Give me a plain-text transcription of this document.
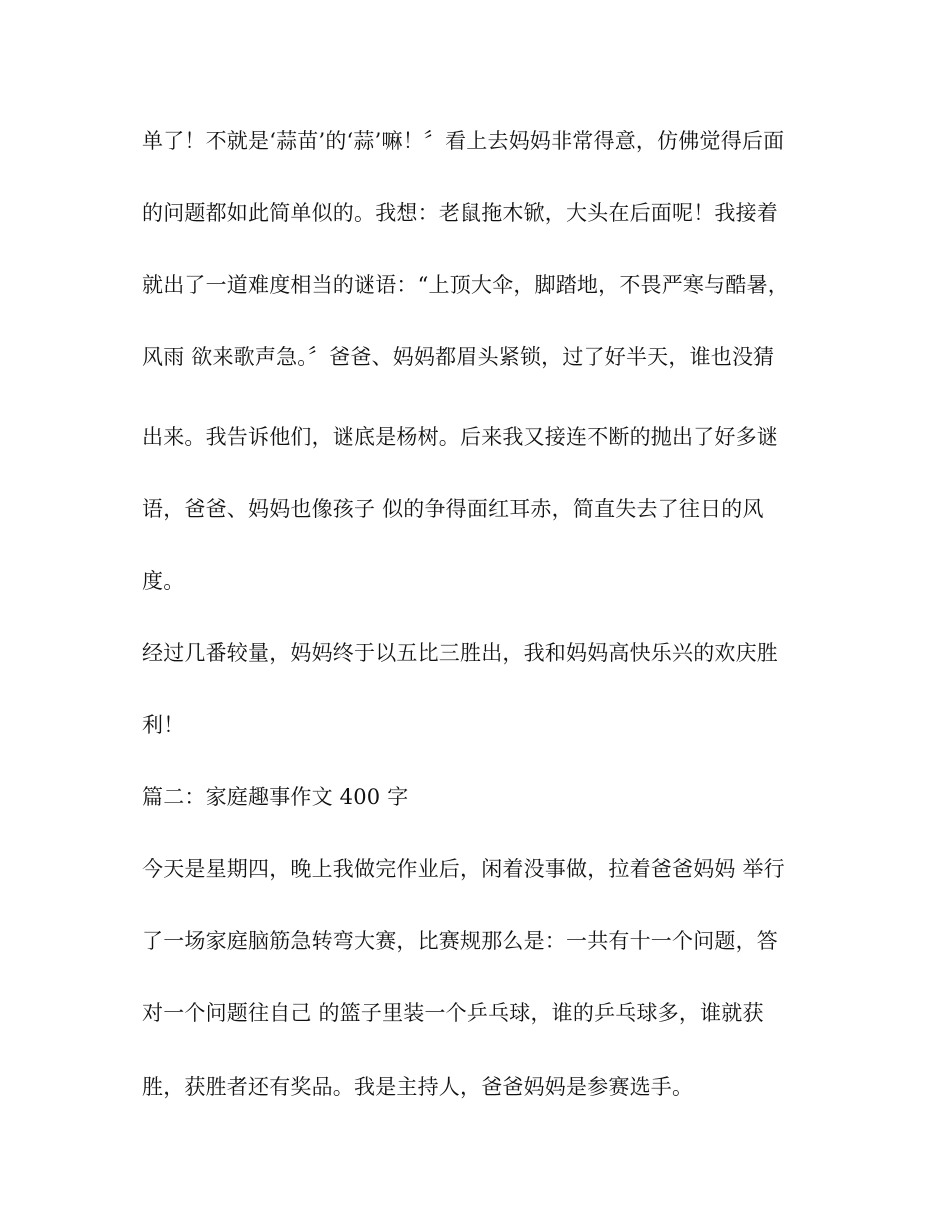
单了！不就是‘蒜苗’的‘蒜’嘛！〞看上去妈妈非常得意，仿佛觉得后面
的问题都如此简单似的。我想：老鼠拖木锨，大头在后面呢！我接着
就出了一道难度相当的谜语：“上顶大伞，脚踏地，不畏严寒与酷暑，
风雨 欲来歌声急。〞爸爸、妈妈都眉头紧锁，过了好半天，谁也没猜
出来。我告诉他们，谜底是杨树。后来我又接连不断的抛出了好多谜
语，爸爸、妈妈也像孩子 似的争得面红耳赤，简直失去了往日的风
度。
经过几番较量，妈妈终于以五比三胜出，我和妈妈高快乐兴的欢庆胜
利！
篇二：家庭趣事作文 400 字
今天是星期四，晚上我做完作业后，闲着没事做，拉着爸爸妈妈 举行
了一场家庭脑筋急转弯大赛，比赛规那么是：一共有十一个问题，答
对一个问题往自己 的篮子里装一个乒乓球，谁的乒乓球多，谁就获
胜，获胜者还有奖品。我是主持人，爸爸妈妈是参赛选手。
